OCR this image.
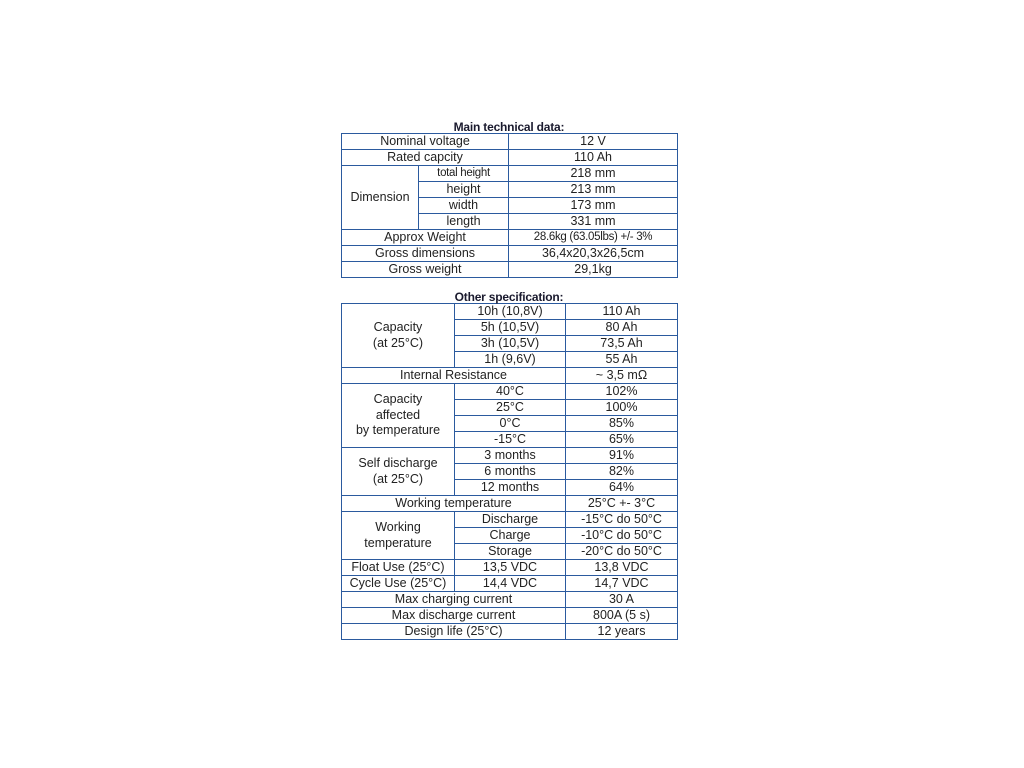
Main technical data:
Nominal voltage		12 V
Rated capcity		110 Ah
Dimension	total height	218 mm
	height	213 mm
	width	173 mm
	length	331 mm
Approx Weight		28.6kg (63.05lbs) +/- 3%
Gross dimensions		36,4x20,3x26,5cm
Gross weight		29,1kg
Other specification:
Capacity
(at 25°C)	10h (10,8V)	110 Ah
	5h (10,5V)	80 Ah
	3h (10,5V)	73,5 Ah
	1h (9,6V)	55 Ah
Internal Resistance		~ 3,5 mΩ

Capacity
affected
by temperature	40°C	102%
	25°C	100%
	0°C	85%
	-15°C	65%

Self discharge
(at 25°C)	3 months	91%
	6 months	82%
	12 months	64%
Working temperature		25°C +- 3°C

Working
temperature	Discharge	-15°C do 50°C
	Charge	-10°C do 50°C
	Storage	-20°C do 50°C
Float Use (25°C)	13,5 VDC	13,8 VDC
Cycle Use (25°C)	14,4 VDC	14,7 VDC
Max charging current		30 A
Max discharge current		800A (5 s)
Design life (25°C)		12 years
